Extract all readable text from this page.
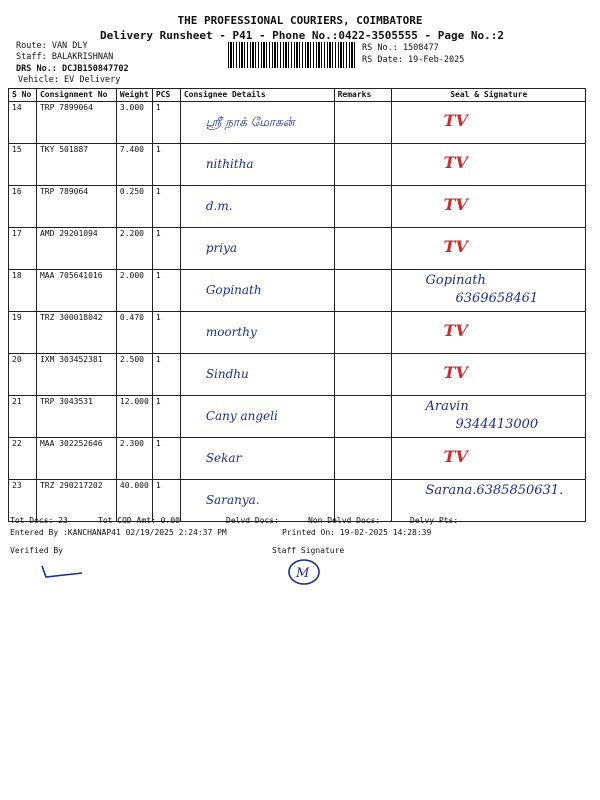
THE PROFESSIONAL COURIERS, COIMBATORE
Delivery Runsheet - P41 - Phone No.:0422-3505555 - Page No.:2
Route: VAN DLY
Staff: BALAKRISHNAN
DRS No.: DCJB150847702
Vehicle: EV Delivery
RS No.: 1508477
RS Date: 19-Feb-2025
S No	Consignment No	Weight	PCS	Consignee Details	Remarks	Seal & Signature
14	TRP 7899064	3.000	1	ஸ்ரீ நாக் மோகன்		TV

15	TKY 501887	7.400	1	nithitha		TV

16	TRP 789064	0.250	1	d.m.		TV

17	AMD 29201094	2.200	1	priya		TV

18	MAA 705641016	2.000	1	Gopinath		Gopinath
6369658461

19	TRZ 300018042	0.470	1	moorthy		TV

20	IXM 303452381	2.500	1	Sindhu		TV

21	TRP 3043531	12.000	1	Cany angeli		Aravin
9344413000

22	MAA 302252646	2.300	1	Sekar		TV

23	TRZ 290217202	40.000	1	Saranya.		Sarana.6385850631.
Tot Docs: 23	Tot COD Amt: 0.00	Delvd Docs:	Non Delvd Docs:	Delvy Pts:
Entered By :KANCHANAP41 02/19/2025 2:24:37 PM	Printed On: 19-02-2025 14:28:39
Verified By	Staff Signature
M
